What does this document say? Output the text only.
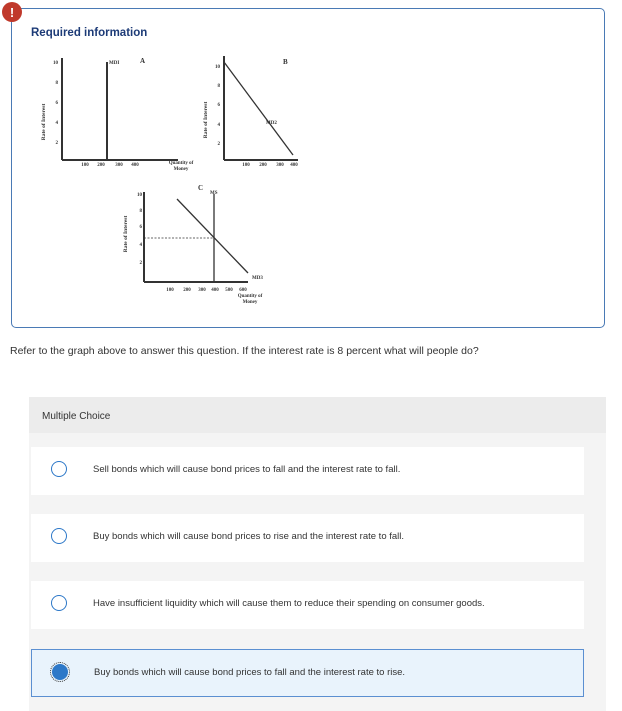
!
Required information
Rate of Interest
10
8
6
4
2
100 200 300 400
MDI	A
Quantity of
Money
Rate of Interest
10
8
6
4
2
100 200 300 400
MD2
B
C
Rate of Interest
10
8
6
4
2
100 200 300 400 500 600
MS
MD3
Quantity of
Money
Refer to the graph above to answer this question. If the interest rate is 8 percent what will people do?
Multiple Choice
Sell bonds which will cause bond prices to fall and the interest rate to fall.
Buy bonds which will cause bond prices to rise and the interest rate to fall.
Have insufficient liquidity which will cause them to reduce their spending on consumer goods.
Buy bonds which will cause bond prices to fall and the interest rate to rise.
